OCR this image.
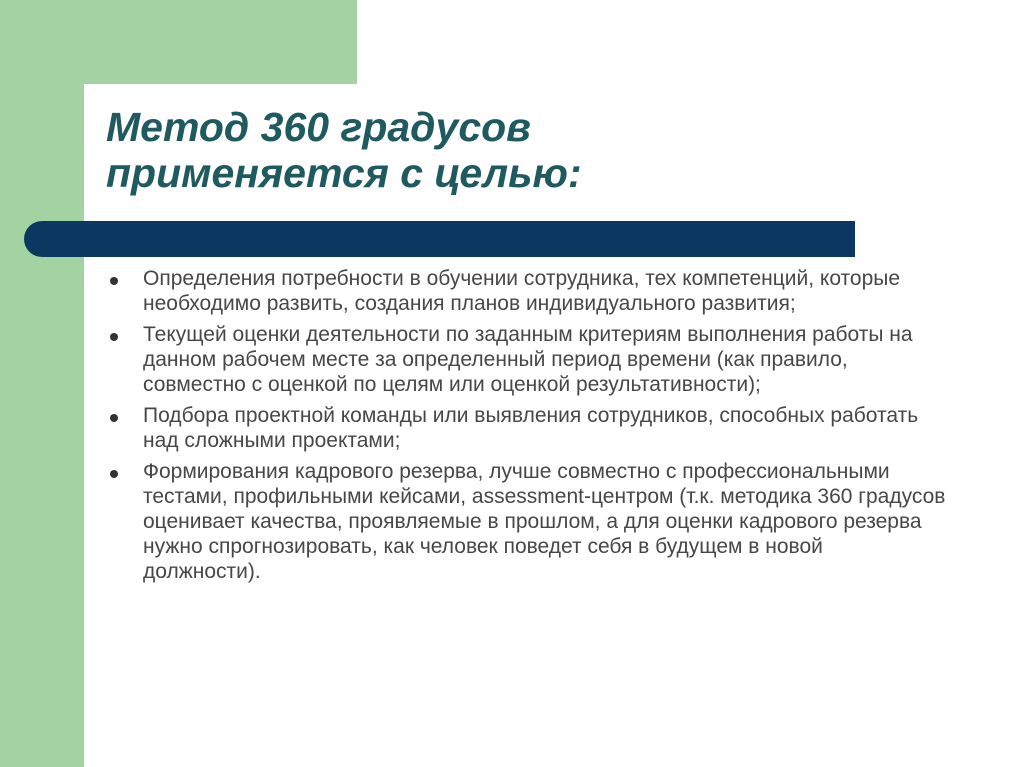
Метод 360 градусов
применяется с целью:
Определения потребности в обучении сотрудника, тех компетенций, которые необходимо развить, создания планов индивидуального развития;
Текущей оценки деятельности по заданным критериям выполнения работы на данном рабочем месте за определенный период времени (как правило, совместно с оценкой по целям или оценкой результативности);
Подбора проектной команды или выявления сотрудников, способных работать над сложными проектами;
Формирования кадрового резерва, лучше совместно с профессиональными тестами, профильными кейсами, assessment-центром (т.к. методика 360 градусов оценивает качества, проявляемые в прошлом, а для оценки кадрового резерва нужно спрогнозировать, как человек поведет себя в будущем в новой должности).
